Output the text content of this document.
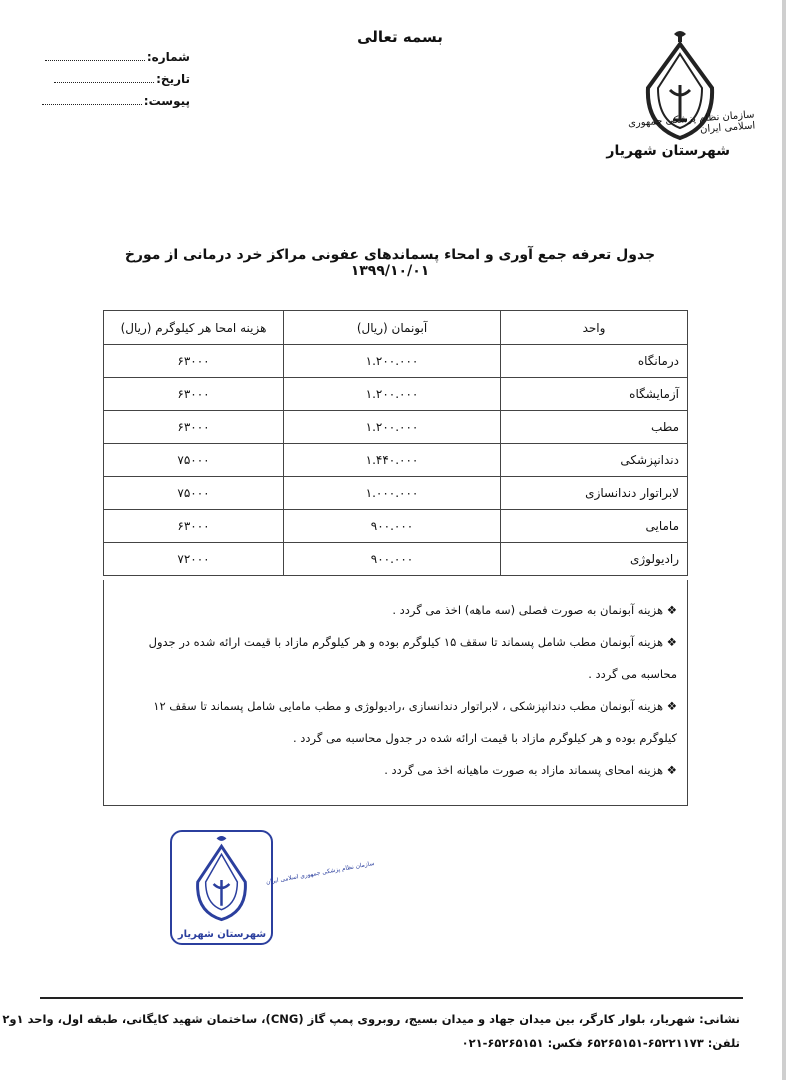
بسمه تعالی
شماره:
تاریخ:
پیوست:
سازمان نظام پزشکی جمهوری اسلامی ایران
شهرستان شهریار
جدول تعرفه جمع آوری و امحاء پسماندهای عفونی مراکز خرد درمانی از مورخ ۱۳۹۹/۱۰/۰۱
واحد	آبونمان (ریال)	هزینه امحا هر کیلوگرم (ریال)
درمانگاه	۱.۲۰۰.۰۰۰	۶۳۰۰۰
آزمایشگاه	۱.۲۰۰.۰۰۰	۶۳۰۰۰
مطب	۱.۲۰۰.۰۰۰	۶۳۰۰۰
دندانپزشکی	۱.۴۴۰.۰۰۰	۷۵۰۰۰
لابراتوار دندانسازی	۱.۰۰۰.۰۰۰	۷۵۰۰۰
مامایی	۹۰۰.۰۰۰	۶۳۰۰۰
رادیولوژی	۹۰۰.۰۰۰	۷۲۰۰۰

❖ هزینه آبونمان به صورت فصلی (سه ماهه) اخذ می گردد .

❖ هزینه آبونمان مطب شامل پسماند تا سقف ۱۵ کیلوگرم بوده و هر کیلوگرم مازاد با قیمت ارائه شده در جدول محاسبه می گردد .

❖ هزینه آبونمان مطب دندانپزشکی ، لابراتوار دندانسازی ،رادیولوژی و مطب مامایی شامل پسماند تا سقف ۱۲ کیلوگرم بوده و هر کیلوگرم مازاد با قیمت ارائه شده در جدول محاسبه می گردد .

❖ هزینه امحای پسماند مازاد به صورت ماهیانه اخذ می گردد .

سازمان نظام پزشکی جمهوری اسلامی ایران
شهرستان شهریار
نشانی: شهریار، بلوار کارگر، بین میدان جهاد و میدان بسیج، روبروی پمپ گاز (CNG)، ساختمان شهید کایگانی، طبقه اول، واحد ۱و۲
تلفن: ۶۵۲۲۱۱۷۳-۶۵۲۶۵۱۵۱ فکس: ۶۵۲۶۵۱۵۱-۰۲۱
